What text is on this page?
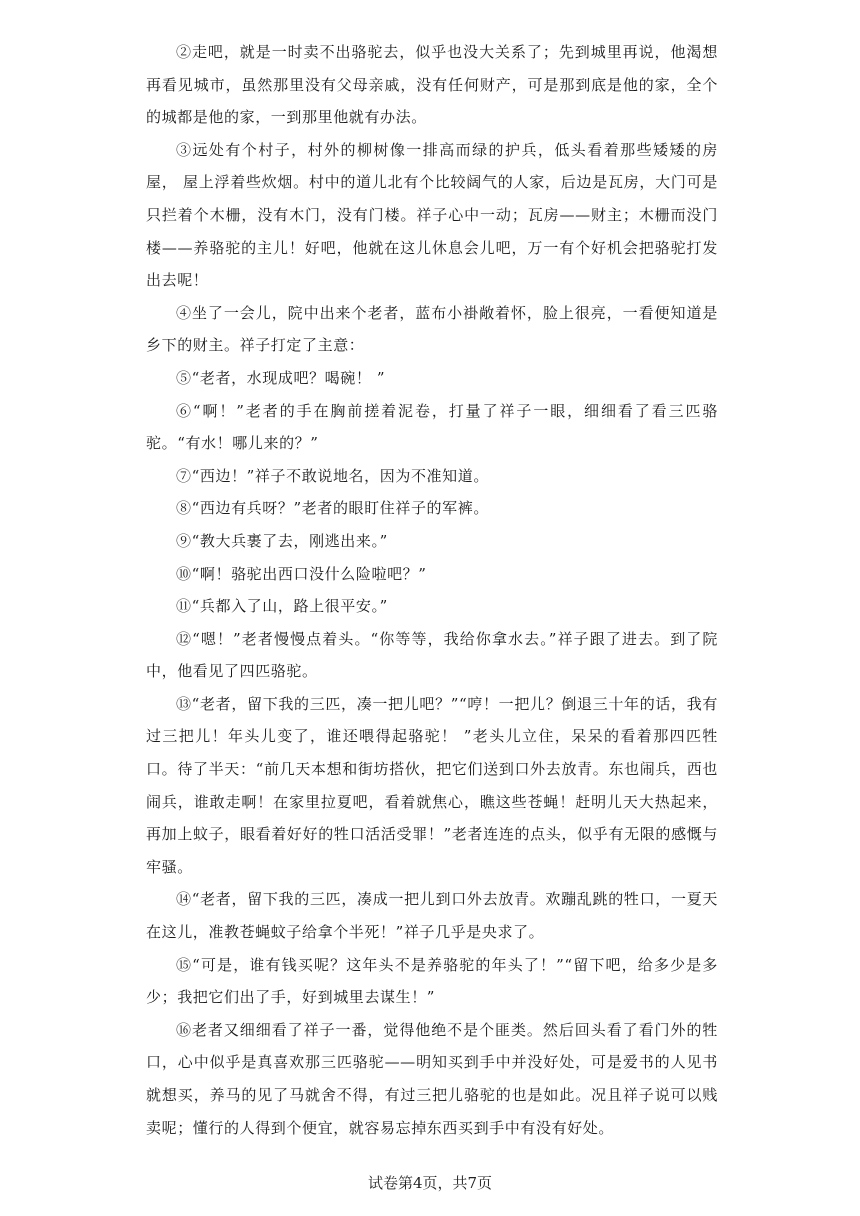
②走吧，就是一时卖不出骆驼去，似乎也没大关系了；先到城里再说，他渴想再看见城市，虽然那里没有父母亲戚，没有任何财产，可是那到底是他的家，全个的城都是他的家，一到那里他就有办法。

③远处有个村子，村外的柳树像一排高而绿的护兵，低头看着那些矮矮的房屋， 屋上浮着些炊烟。村中的道儿北有个比较阔气的人家，后边是瓦房，大门可是只拦着个木栅，没有木门，没有门楼。祥子心中一动；瓦房——财主；木栅而没门楼——养骆驼的主儿！好吧，他就在这儿休息会儿吧，万一有个好机会把骆驼打发出去呢！

④坐了一会儿，院中出来个老者，蓝布小褂敞着怀，脸上很亮，一看便知道是乡下的财主。祥子打定了主意：

⑤“老者，水现成吧？喝碗！ ”

⑥“啊！”老者的手在胸前搓着泥卷，打量了祥子一眼，细细看了看三匹骆驼。“有水！哪儿来的？”

⑦“西边！”祥子不敢说地名，因为不准知道。

⑧“西边有兵呀？”老者的眼盯住祥子的军裤。

⑨“教大兵裹了去，刚逃出来。”

⑩“啊！骆驼出西口没什么险啦吧？”

⑪“兵都入了山，路上很平安。”

⑫“嗯！”老者慢慢点着头。“你等等，我给你拿水去。”祥子跟了进去。到了院中，他看见了四匹骆驼。

⑬“老者，留下我的三匹，凑一把儿吧？”“哼！一把儿？倒退三十年的话，我有过三把儿！年头儿变了，谁还喂得起骆驼！ ”老头儿立住，呆呆的看着那四匹牲口。待了半天：“前几天本想和街坊搭伙，把它们送到口外去放青。东也闹兵，西也闹兵，谁敢走啊！在家里拉夏吧，看着就焦心，瞧这些苍蝇！赶明儿天大热起来，再加上蚊子，眼看着好好的牲口活活受罪！”老者连连的点头，似乎有无限的感慨与牢骚。

⑭“老者，留下我的三匹，凑成一把儿到口外去放青。欢蹦乱跳的牲口，一夏天在这儿，准教苍蝇蚊子给拿个半死！”祥子几乎是央求了。

⑮“可是，谁有钱买呢？这年头不是养骆驼的年头了！”“留下吧，给多少是多少；我把它们出了手，好到城里去谋生！”

⑯老者又细细看了祥子一番，觉得他绝不是个匪类。然后回头看了看门外的牲口，心中似乎是真喜欢那三匹骆驼——明知买到手中并没好处，可是爱书的人见书就想买，养马的见了马就舍不得，有过三把儿骆驼的也是如此。况且祥子说可以贱卖呢；懂行的人得到个便宜，就容易忘掉东西买到手中有没有好处。

试卷第4页，共7页
